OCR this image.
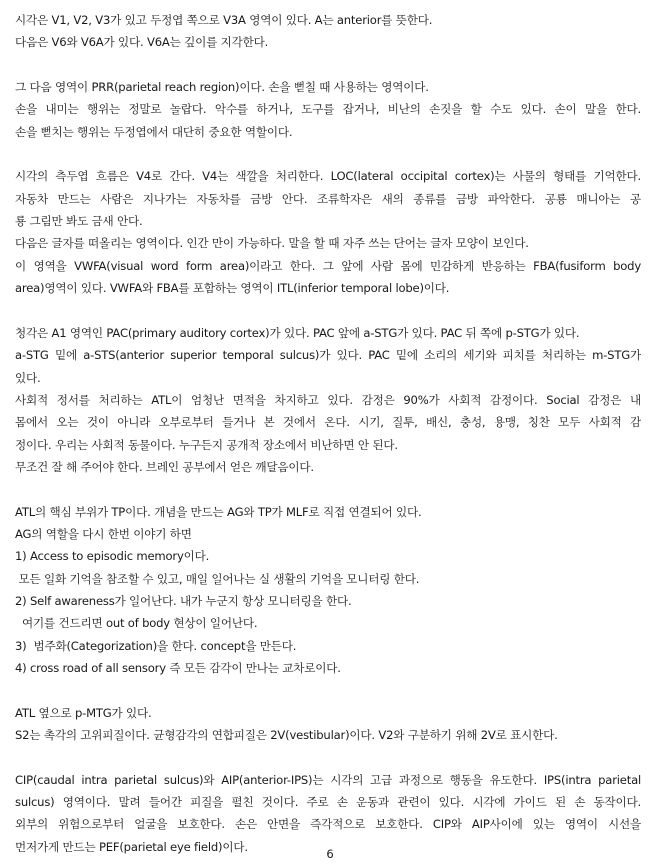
시각은 V1, V2, V3가 있고 두정엽 쪽으로 V3A 영역이 있다. A는 anterior를 뜻한다.
다음은 V6와 V6A가 있다. V6A는 깊이를 지각한다.
그 다음 영역이 PRR(parietal reach region)이다. 손을 뻗칠 때 사용하는 영역이다.
손을 내미는 행위는 정말로 놀랍다. 악수를 하거나, 도구를 잡거나, 비난의 손짓을 할 수도 있다. 손이 말을 한다.
손을 뻗치는 행위는 두정엽에서 대단히 중요한 역할이다.
시각의 측두엽 흐름은 V4로 간다. V4는 색깔을 처리한다. LOC(lateral occipital cortex)는 사물의 형태를 기억한다.
자동차 만드는 사람은 지나가는 자동차를 금방 안다. 조류학자은 새의 종류를 금방 파악한다. 공룡 매니아는 공
룡 그림만 봐도 금새 안다.
다음은 글자를 떠올리는 영역이다. 인간 만이 가능하다. 말을 할 때 자주 쓰는 단어는 글자 모양이 보인다.
이 영역을 VWFA(visual word form area)이라고 한다. 그 앞에 사람 몸에 민감하게 반응하는 FBA(fusiform body
area)영역이 있다. VWFA와 FBA를 포함하는 영역이 ITL(inferior temporal lobe)이다.
청각은 A1 영역인 PAC(primary auditory cortex)가 있다. PAC 앞에 a-STG가 있다. PAC 뒤 쪽에 p-STG가 있다.
a-STG 밑에 a-STS(anterior superior temporal sulcus)가 있다. PAC 밑에 소리의 세기와 피치를 처리하는 m-STG가
있다.
사회적 정서를 처리하는 ATL이 엄청난 면적을 차지하고 있다. 감정은 90%가 사회적 감정이다. Social 감정은 내
몸에서 오는 것이 아니라 오부로부터 들거나 본 것에서 온다. 시기, 질투, 배신, 충성, 용맹, 칭찬 모두 사회적 감
정이다. 우리는 사회적 동물이다. 누구든지 공개적 장소에서 비난하면 안 된다.
무조건 잘 해 주어야 한다. 브레인 공부에서 얻은 깨달음이다.
ATL의 핵심 부위가 TP이다. 개념을 만드는 AG와 TP가 MLF로 직접 연결되어 있다.
AG의 역할을 다시 한번 이야기 하면
1) Access to episodic memory이다.
모든 일화 기억을 참조할 수 있고, 매일 일어나는 실 생활의 기억을 모니터링 한다.
2) Self awareness가 일어난다. 내가 누군지 항상 모니터링을 한다.
여기를 건드리면 out of body 현상이 일어난다.
3)  범주화(Categorization)을 한다. concept을 만든다.
4) cross road of all sensory 즉 모든 감각이 만나는 교차로이다.
ATL 옆으로 p-MTG가 있다.
S2는 촉각의 고위피질이다. 균형감각의 연합피질은 2V(vestibular)이다. V2와 구분하기 위해 2V로 표시한다.
CIP(caudal intra parietal sulcus)와 AIP(anterior-IPS)는 시각의 고급 과정으로 행동을 유도한다. IPS(intra parietal
sulcus) 영역이다. 말려 들어간 피질을 펼친 것이다. 주로 손 운동과 관련이 있다. 시각에 가이드 된 손 동작이다.
외부의 위험으로부터 얼굴을 보호한다. 손은 안면을 즉각적으로 보호한다. CIP와 AIP사이에 있는 영역이 시선을
먼저가게 만드는 PEF(parietal eye field)이다.
6
